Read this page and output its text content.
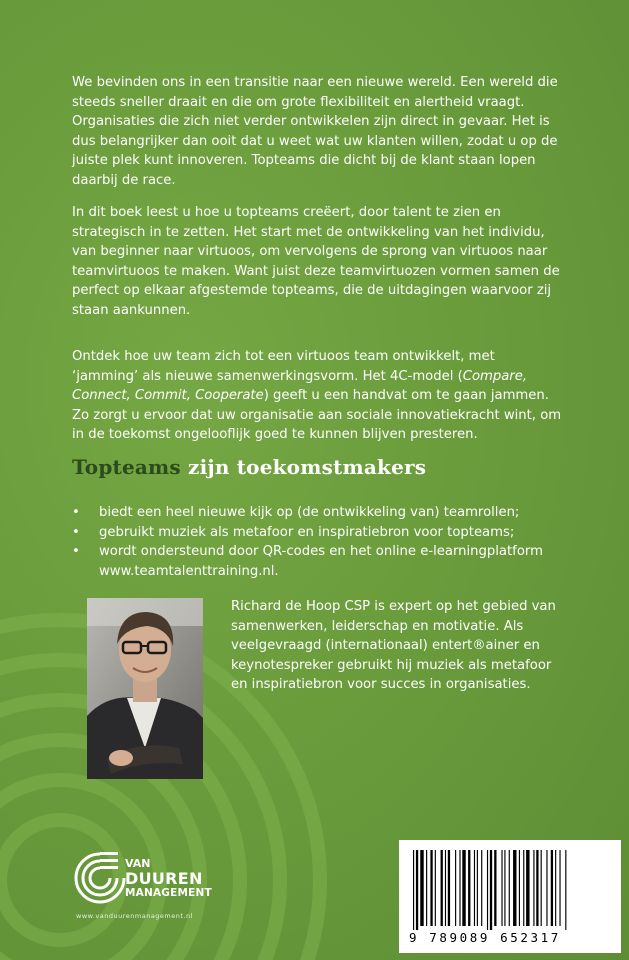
We bevinden ons in een transitie naar een nieuwe wereld. Een wereld die steeds sneller draait en die om grote flexibiliteit en alertheid vraagt. Organisaties die zich niet verder ontwikkelen zijn direct in gevaar. Het is dus belangrijker dan ooit dat u weet wat uw klanten willen, zodat u op de juiste plek kunt innoveren. Topteams die dicht bij de klant staan lopen daarbij de race.

In dit boek leest u hoe u topteams creëert, door talent te zien en strategisch in te zetten. Het start met de ontwikkeling van het individu, van beginner naar virtuoos, om vervolgens de sprong van virtuoos naar teamvirtuoos te maken. Want juist deze teamvirtuozen vormen samen de perfect op elkaar afgestemde topteams, die de uitdagingen waarvoor zij staan aankunnen.

Ontdek hoe uw team zich tot een virtuoos team ontwikkelt, met ‘jamming’ als nieuwe samenwerkingsvorm. Het 4C-model (Compare, Connect, Commit, Cooperate) geeft u een handvat om te gaan jammen. Zo zorgt u ervoor dat uw organisatie aan sociale innovatiekracht wint, om in de toekomst ongelooflijk goed te kunnen blijven presteren.

Topteams zijn toekomstmakers
• biedt een heel nieuwe kijk op (de ontwikkeling van) teamrollen;
• gebruikt muziek als metafoor en inspiratiebron voor topteams;
• wordt ondersteund door QR-codes en het online e-learningplatform www.teamtalenttraining.nl.
Richard de Hoop CSP is expert op het gebied van samenwerken, leiderschap en motivatie. Als veelgevraagd (internationaal) entert®ainer en keynotespreker gebruikt hij muziek als metafoor en inspiratiebron voor succes in organisaties.
VAN
DUUREN
MANAGEMENT
www.vanduurenmanagement.nl
9 789089 652317
